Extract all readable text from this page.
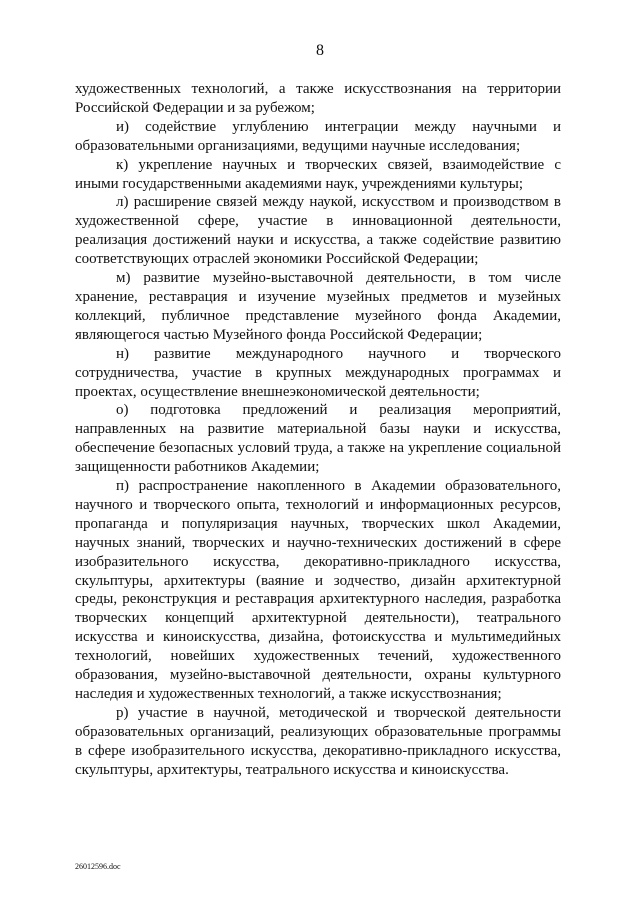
8

художественных технологий, а также искусствознания на территории Российской Федерации и за рубежом;

и) содействие углублению интеграции между научными и образовательными организациями, ведущими научные исследования;

к) укрепление научных и творческих связей, взаимодействие с иными государственными академиями наук, учреждениями культуры;

л) расширение связей между наукой, искусством и производством в художественной сфере, участие в инновационной деятельности, реализация достижений науки и искусства, а также содействие развитию соответствующих отраслей экономики Российской Федерации;

м) развитие музейно-выставочной деятельности, в том числе хранение, реставрация и изучение музейных предметов и музейных коллекций, публичное представление музейного фонда Академии, являющегося частью Музейного фонда Российской Федерации;

н) развитие международного научного и творческого сотрудничества, участие в крупных международных программах и проектах, осуществление внешнеэкономической деятельности;

о) подготовка предложений и реализация мероприятий, направленных на развитие материальной базы науки и искусства, обеспечение безопасных условий труда, а также на укрепление социальной защищенности работников Академии;

п) распространение накопленного в Академии образовательного, научного и творческого опыта, технологий и информационных ресурсов, пропаганда и популяризация научных, творческих школ Академии, научных знаний, творческих и научно-технических достижений в сфере изобразительного искусства, декоративно-прикладного искусства, скульптуры, архитектуры (ваяние и зодчество, дизайн архитектурной среды, реконструкция и реставрация архитектурного наследия, разработка творческих концепций архитектурной деятельности), театрального искусства и киноискусства, дизайна, фотоискусства и мультимедийных технологий, новейших художественных течений, художественного образования, музейно-выставочной деятельности, охраны культурного наследия и художественных технологий, а также искусствознания;

р) участие в научной, методической и творческой деятельности образовательных организаций, реализующих образовательные программы в сфере изобразительного искусства, декоративно-прикладного искусства, скульптуры, архитектуры, театрального искусства и киноискусства.

26012596.doc
